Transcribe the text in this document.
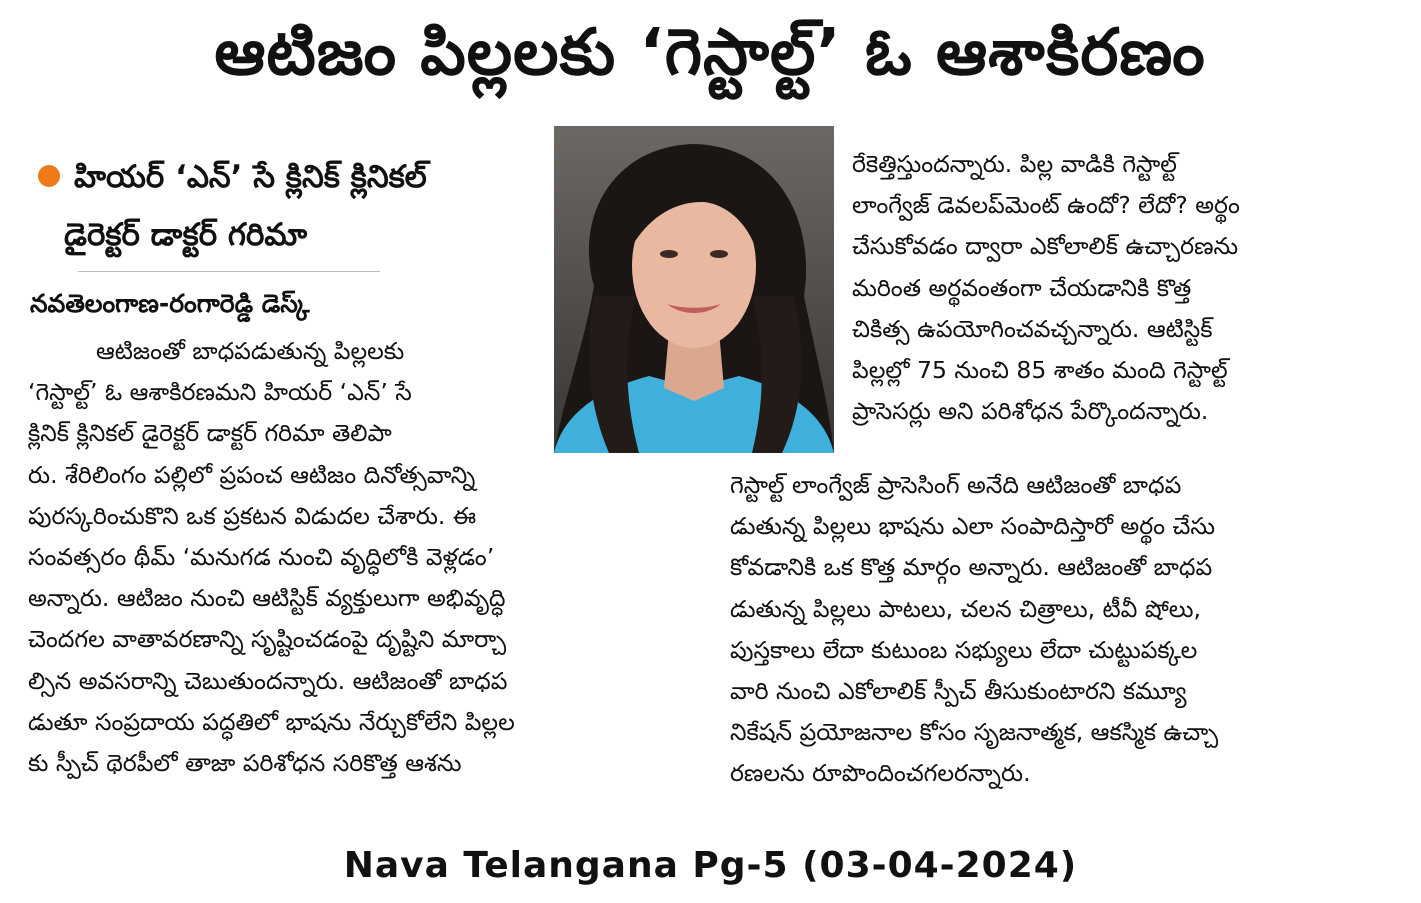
ఆటిజం పిల్లలకు ‘గెస్టాల్ట్’ ఓ ఆశాకిరణం
హియర్ ‘ఎన్’ సే క్లినిక్ క్లినికల్
డైరెక్టర్ డాక్టర్ గరిమా
నవతెలంగాణ-రంగారెడ్డి డెస్క్
ఆటిజంతో బాధపడుతున్న పిల్లలకు
‘గెస్టాల్ట్’ ఓ ఆశాకిరణమని హియర్ ‘ఎన్’ సే
క్లినిక్ క్లినికల్ డైరెక్టర్ డాక్టర్ గరిమా తెలిపా
రు. శేరిలింగం పల్లిలో ప్రపంచ ఆటిజం దినోత్సవాన్ని
పురస్కరించుకొని ఒక ప్రకటన విడుదల చేశారు. ఈ
సంవత్సరం థీమ్ ‘మనుగడ నుంచి వృద్ధిలోకి వెళ్లడం’
అన్నారు. ఆటిజం నుంచి ఆటిస్టిక్ వ్యక్తులుగా అభివృద్ధి
చెందగల వాతావరణాన్ని సృష్టించడంపై దృష్టిని మార్చా
ల్సిన అవసరాన్ని చెబుతుందన్నారు. ఆటిజంతో బాధప
డుతూ సంప్రదాయ పద్ధతిలో భాషను నేర్చుకోలేని పిల్లల
కు స్పీచ్ థెరపీలో తాజా పరిశోధన సరికొత్త ఆశను
రేకెత్తిస్తుందన్నారు. పిల్ల వాడికి గెస్టాల్ట్
లాంగ్వేజ్ డెవలప్‌మెంట్ ఉందో? లేదో? అర్థం
చేసుకోవడం ద్వారా ఎకోలాలిక్ ఉచ్చారణను
మరింత అర్థవంతంగా చేయడానికి కొత్త
చికిత్స ఉపయోగించవచ్చన్నారు. ఆటిస్టిక్
పిల్లల్లో 75 నుంచి 85 శాతం మంది గెస్టాల్ట్
ప్రాసెసర్లు అని పరిశోధన పేర్కొందన్నారు.
గెస్టాల్ట్ లాంగ్వేజ్ ప్రాసెసింగ్ అనేది ఆటిజంతో బాధప
డుతున్న పిల్లలు భాషను ఎలా సంపాదిస్తారో అర్థం చేసు
కోవడానికి ఒక కొత్త మార్గం అన్నారు. ఆటిజంతో బాధప
డుతున్న పిల్లలు పాటలు, చలన చిత్రాలు, టీవీ షోలు,
పుస్తకాలు లేదా కుటుంబ సభ్యులు లేదా చుట్టుపక్కల
వారి నుంచి ఎకోలాలిక్ స్పీచ్ తీసుకుంటారని కమ్యూ
నికేషన్ ప్రయోజనాల కోసం సృజనాత్మక, ఆకస్మిక ఉచ్చా
రణలను రూపొందించగలరన్నారు.
Nava Telangana Pg-5 (03-04-2024)
